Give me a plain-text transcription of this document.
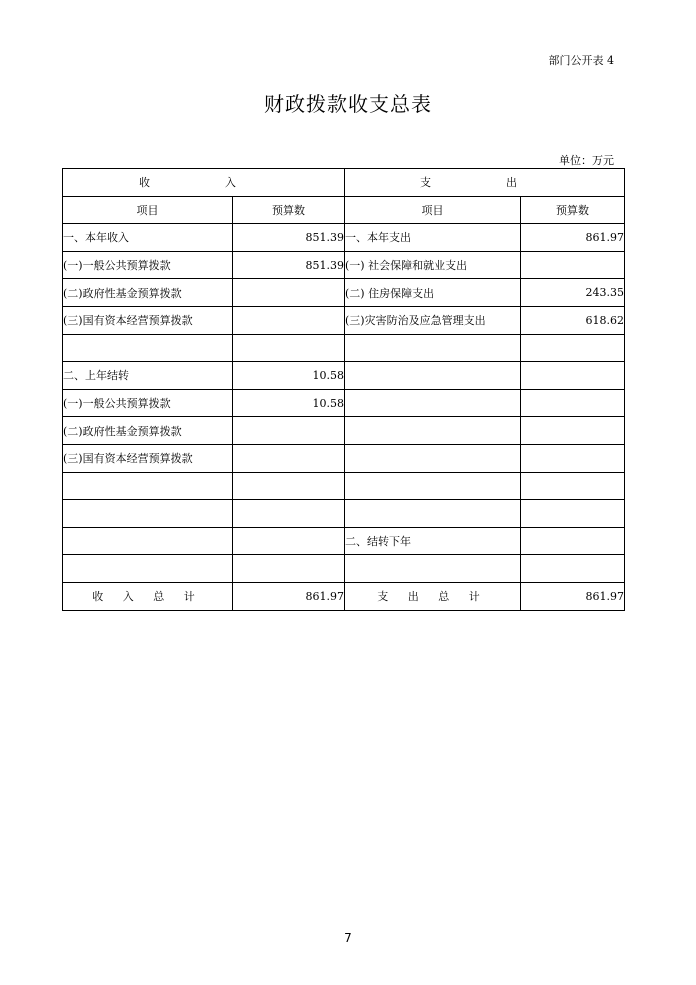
部门公开表 4
财政拨款收支总表
单位：万元
收　入		支　出	
项目	预算数	项目	预算数
一、本年收入	851.39	一、本年支出	861.97
(一)一般公共预算拨款	851.39	(一) 社会保障和就业支出	
(二)政府性基金预算拨款		(二) 住房保障支出	243.35
(三)国有资本经营预算拨款		(三)灾害防治及应急管理支出	618.62

二、上年结转	10.58		
(一)一般公共预算拨款	10.58		
(二)政府性基金预算拨款			
(三)国有资本经营预算拨款			

		二、结转下年	

收 入 总 计	861.97	支 出 总 计	861.97
7
